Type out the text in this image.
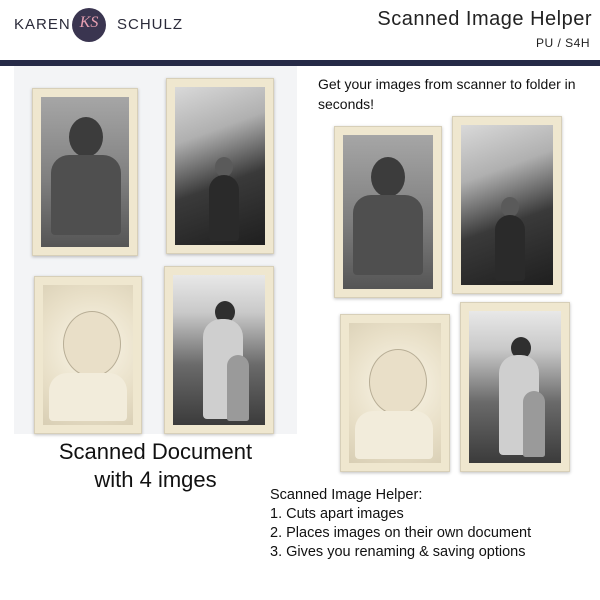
KAREN KS	SCHULZ	Scanned Image Helper
PU / S4H
Scanned Document
with 4 imges
Get your images from scanner to folder in seconds!
Scanned Image Helper:
1. Cuts apart images
2. Places images on their own document
3. Gives you renaming & saving options
